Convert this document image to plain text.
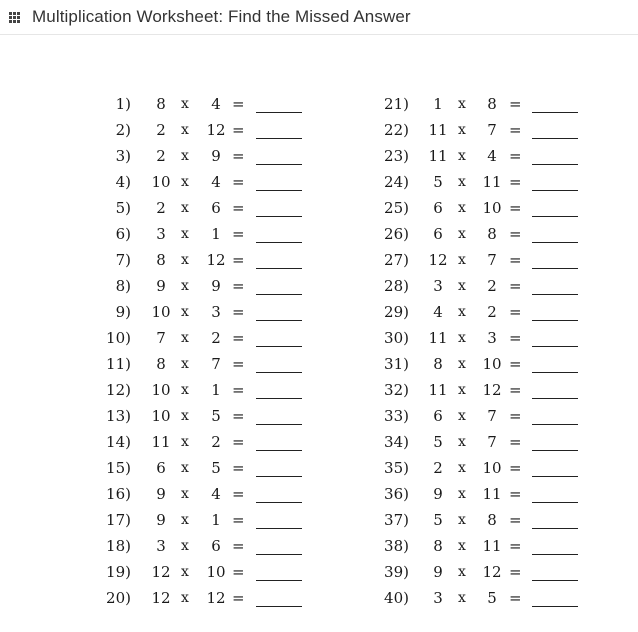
Multiplication Worksheet: Find the Missed Answer
1)	8	x	4 =
2)	2	x 12 =
3)	2	x	9 =
4) 10 x	4 =
5)	2	x	6 =
6)	3	x	1 =
7)	8	x 12 =
8)	9	x	9 =
9) 10 x	3 =
10)	7	x	2 =
11)	8	x	7 =
12) 10 x	1 =
13) 10 x	5 =
14) 11 x	2 =
15)	6	x	5 =
16)	9	x	4 =
17)	9	x	1 =
18)	3	x	6 =
19) 12 x 10 =
20) 12 x 12 =
21)	1	x	8 =
22) 11 x	7 =
23) 11 x	4 =
24)	5	x 11 =
25)	6	x 10 =
26)	6	x	8 =
27) 12 x	7 =
28)	3	x	2 =
29)	4	x	2 =
30) 11 x	3 =
31)	8	x 10 =
32) 11 x 12 =
33)	6	x	7 =
34)	5	x	7 =
35)	2	x 10 =
36)	9	x 11 =
37)	5	x	8 =
38)	8	x 11 =
39)	9	x 12 =
40)	3	x	5 =
